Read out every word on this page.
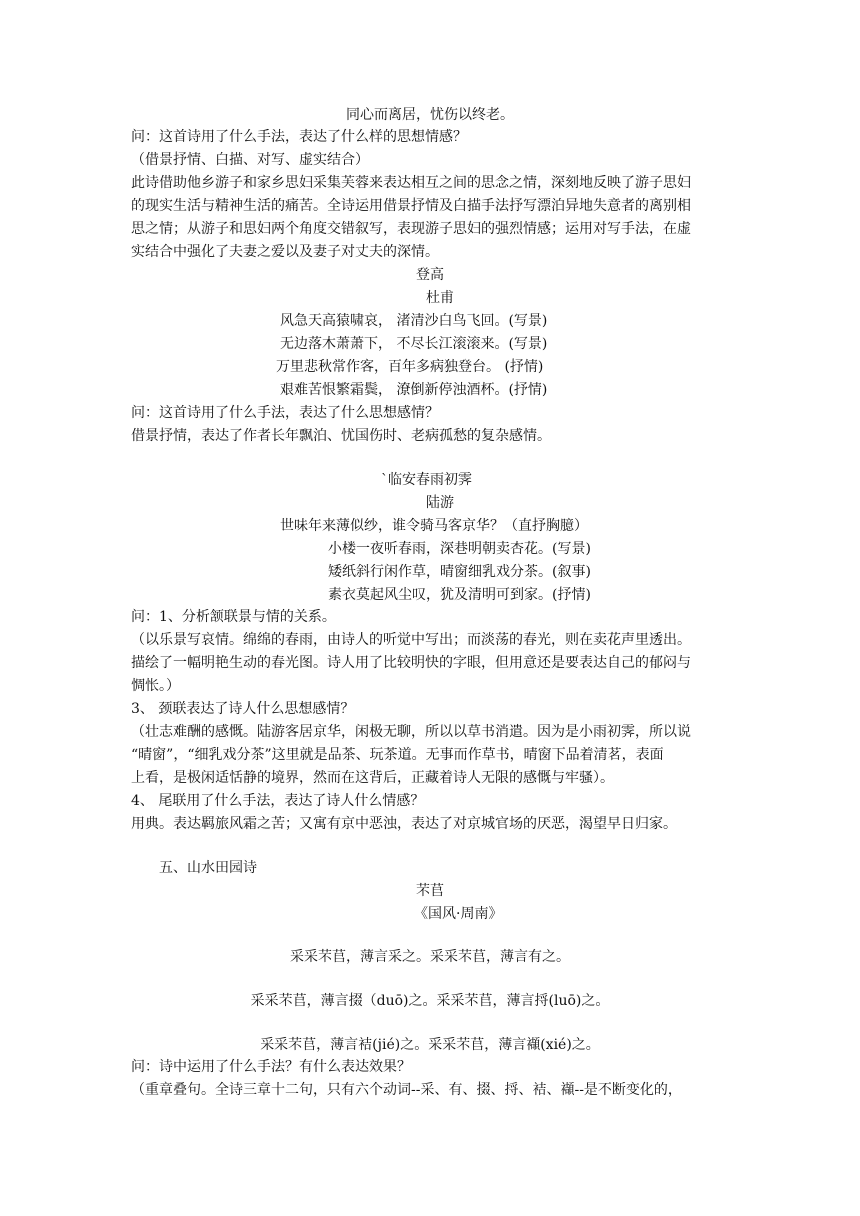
同心而离居，忧伤以终老。
问：这首诗用了什么手法，表达了什么样的思想情感？
（借景抒情、白描、对写、虚实结合）
此诗借助他乡游子和家乡思妇采集芙蓉来表达相互之间的思念之情，深刻地反映了游子思妇
的现实生活与精神生活的痛苦。全诗运用借景抒情及白描手法抒写漂泊异地失意者的离别相
思之情；从游子和思妇两个角度交错叙写，表现游子思妇的强烈情感；运用对写手法，在虚
实结合中强化了夫妻之爱以及妻子对丈夫的深情。
登高
杜甫
风急天高猿啸哀， 渚清沙白鸟飞回。(写景)
无边落木萧萧下， 不尽长江滚滚来。(写景)
万里悲秋常作客，百年多病独登台。 (抒情)
艰难苦恨繁霜鬓， 潦倒新停浊酒杯。(抒情)
问：这首诗用了什么手法，表达了什么思想感情？
借景抒情，表达了作者长年飘泊、忧国伤时、老病孤愁的复杂感情。
`临安春雨初霁
陆游
世味年来薄似纱，谁令骑马客京华？（直抒胸臆）
小楼一夜听春雨，深巷明朝卖杏花。(写景)
矮纸斜行闲作草，晴窗细乳戏分茶。(叙事)
素衣莫起风尘叹，犹及清明可到家。(抒情)
问：1、分析颔联景与情的关系。
（以乐景写哀情。绵绵的春雨，由诗人的听觉中写出；而淡荡的春光，则在卖花声里透出。
描绘了一幅明艳生动的春光图。诗人用了比较明快的字眼，但用意还是要表达自己的郁闷与
惆怅。）
3、 颈联表达了诗人什么思想感情？
（壮志难酬的感慨。陆游客居京华，闲极无聊，所以以草书消遣。因为是小雨初霁，所以说
“晴窗”，“细乳戏分茶”这里就是品茶、玩茶道。无事而作草书，晴窗下品着清茗，表面
上看，是极闲适恬静的境界，然而在这背后，正藏着诗人无限的感慨与牢骚）。
4、 尾联用了什么手法，表达了诗人什么情感？
用典。表达羁旅风霜之苦；又寓有京中恶浊，表达了对京城官场的厌恶，渴望早日归家。
五、山水田园诗
芣苢
《国风·周南》
采采芣苢，薄言采之。采采芣苢，薄言有之。
采采芣苢，薄言掇（duō)之。采采芣苢，薄言捋(luō)之。
采采芣苢，薄言袺(jié)之。采采芣苢，薄言襭(xié)之。
问：诗中运用了什么手法？有什么表达效果？
（重章叠句。全诗三章十二句，只有六个动词--采、有、掇、捋、袺、襭--是不断变化的，
